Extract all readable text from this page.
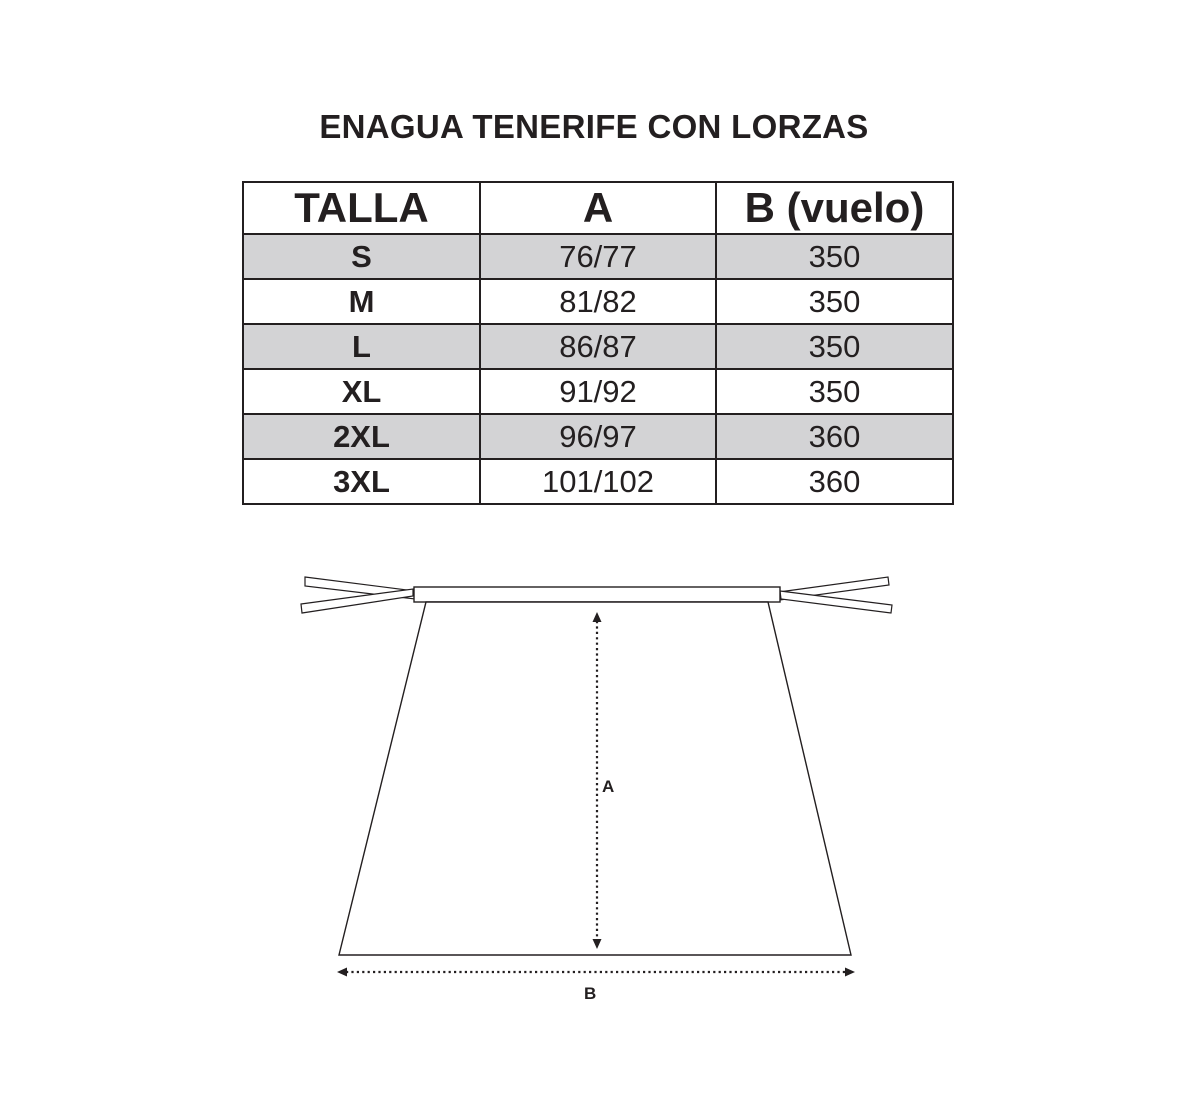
ENAGUA TENERIFE CON LORZAS
TALLA	A	B (vuelo)
S	76/77	350
M	81/82	350
L	86/87	350
XL	91/92	350
2XL	96/97	360
3XL	101/102	360
A
B
